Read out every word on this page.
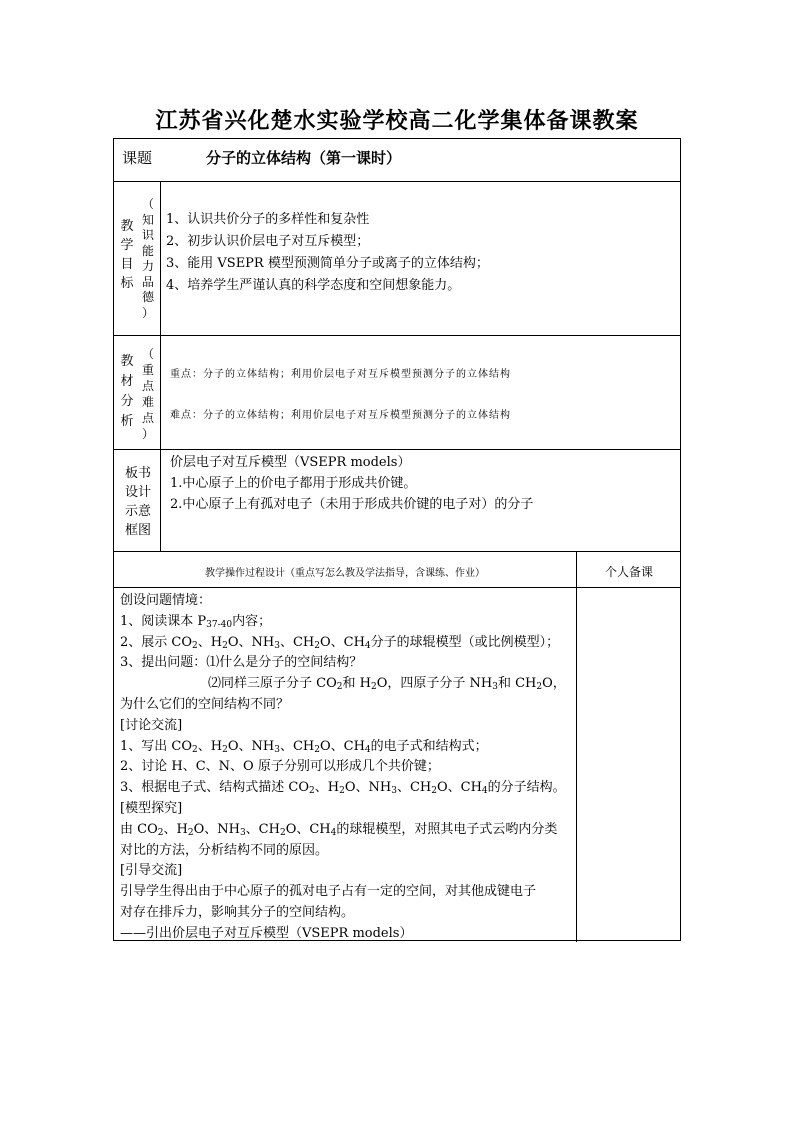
江苏省兴化楚水实验学校高二化学集体备课教案
课题	分子的立体结构（第一课时）
教
学
目
标
（
知
识
能
力
品
德
）
1、认识共价分子的多样性和复杂性
2、初步认识价层电子对互斥模型；
3、能用 VSEPR 模型预测简单分子或离子的立体结构；
4、培养学生严谨认真的科学态度和空间想象能力。
教
材
分
析
（
重
点
难
点
）
重点：分子的立体结构；利用价层电子对互斥模型预测分子的立体结构
难点：分子的立体结构；利用价层电子对互斥模型预测分子的立体结构
板书
设计
示意
框图
价层电子对互斥模型（VSEPR models）
1.中心原子上的价电子都用于形成共价键。
2.中心原子上有孤对电子（未用于形成共价键的电子对）的分子
教学操作过程设计（重点写怎么教及学法指导，含课练、作业）	个人备课

创设问题情境：

1、阅读课本 $P_{37-40}$内容；

2、展示 $CO_2$、$H_2O$、$NH_3$、$CH_2O$、$CH_4$分子的球辊模型（或比例模型）；

3、提出问题：⑴什么是分子的空间结构？

⑵同样三原子分子 $CO_2$和 $H_2O$，四原子分子 $NH_3$和 $CH_2O$，

为什么它们的空间结构不同？

[讨论交流]

1、写出 $CO_2$、$H_2O$、$NH_3$、$CH_2O$、$CH_4$的电子式和结构式；

2、讨论 H、C、N、O 原子分别可以形成几个共价键；

3、根据电子式、结构式描述 $CO_2$、$H_2O$、$NH_3$、$CH_2O$、$CH_4$的分子结构。

[模型探究]

由 $CO_2$、$H_2O$、$NH_3$、$CH_2O$、$CH_4$的球辊模型，对照其电子式云哟内分类

对比的方法，分析结构不同的原因。

[引导交流]

引导学生得出由于中心原子的孤对电子占有一定的空间，对其他成键电子

对存在排斥力，影响其分子的空间结构。

——引出价层电子对互斥模型（VSEPR models）
